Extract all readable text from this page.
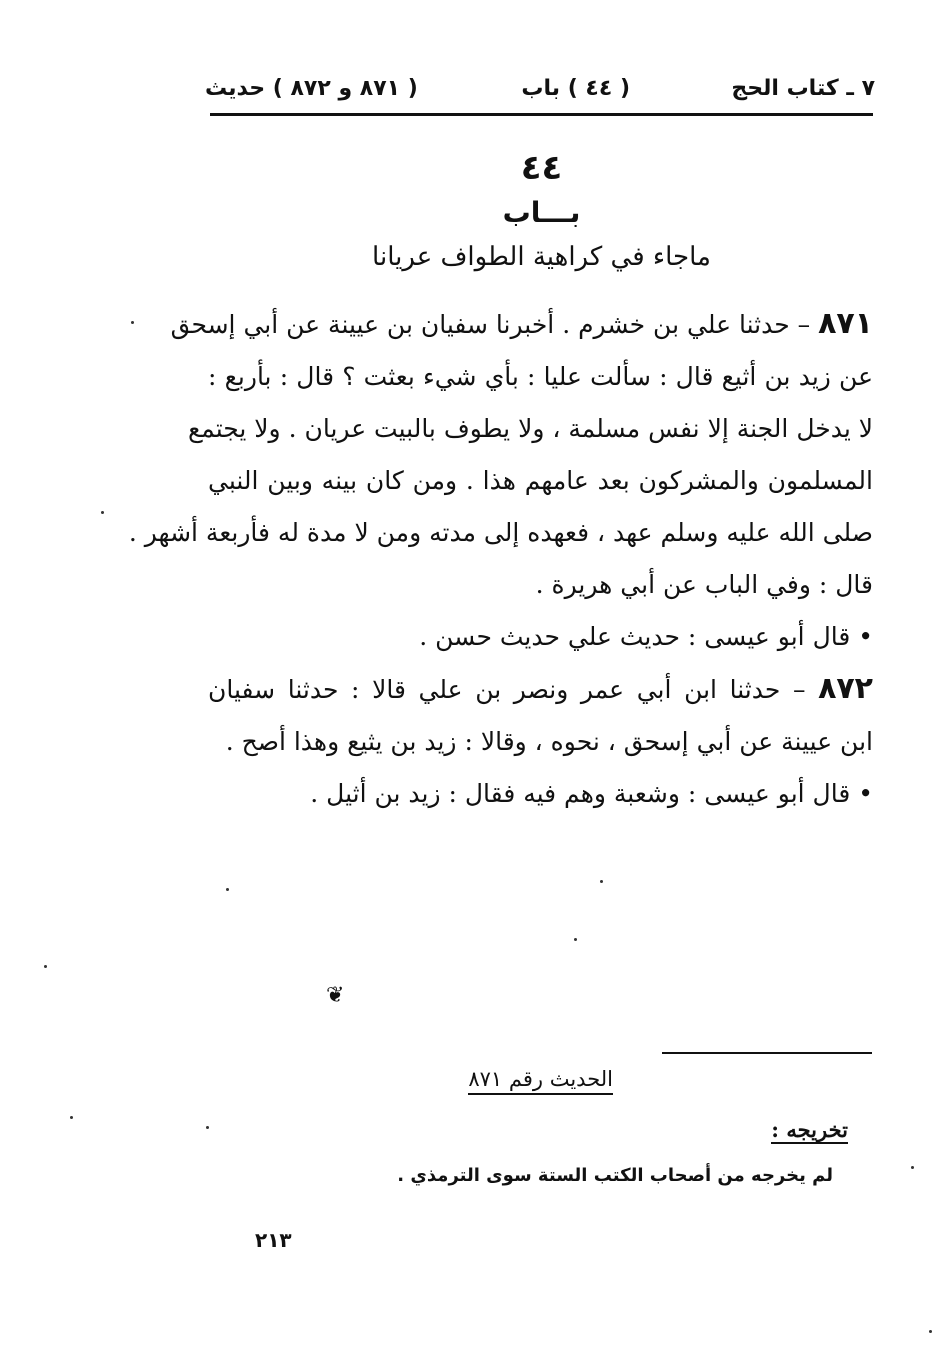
٧ ـ كتاب الحج
( ٤٤ ) باب
( ٨٧١ و ٨٧٢ ) حديث
٤٤
بـــاب
ماجاء في كراهية الطواف عريانا
٨٧١ – حدثنا علي بن خشرم . أخبرنا سفيان بن عيينة عن أبي إسحق
عن زيد بن أثيع قال : سألت عليا : بأي شيء بعثت ؟ قال : بأربع :
لا يدخل الجنة إلا نفس مسلمة ، ولا يطوف بالبيت عريان . ولا يجتمع
المسلمون والمشركون بعد عامهم هذا . ومن كان بينه وبين النبي
صلى الله عليه وسلم عهد ، فعهده إلى مدته ومن لا مدة له فأربعة أشهر .
قال : وفي الباب عن أبي هريرة .
• قال أبو عيسى : حديث علي حديث حسن .
٨٧٢ – حدثنا ابن أبي عمر ونصر بن علي قالا : حدثنا سفيان
ابن عيينة عن أبي إسحق ، نحوه ، وقالا : زيد بن يثيع وهذا أصح .
• قال أبو عيسى : وشعبة وهم فيه فقال : زيد بن أثيل .
الحديث رقم ٨٧١
تخريجه :
لم يخرجه من أصحاب الكتب الستة سوى الترمذي .
٢١٣
❦
